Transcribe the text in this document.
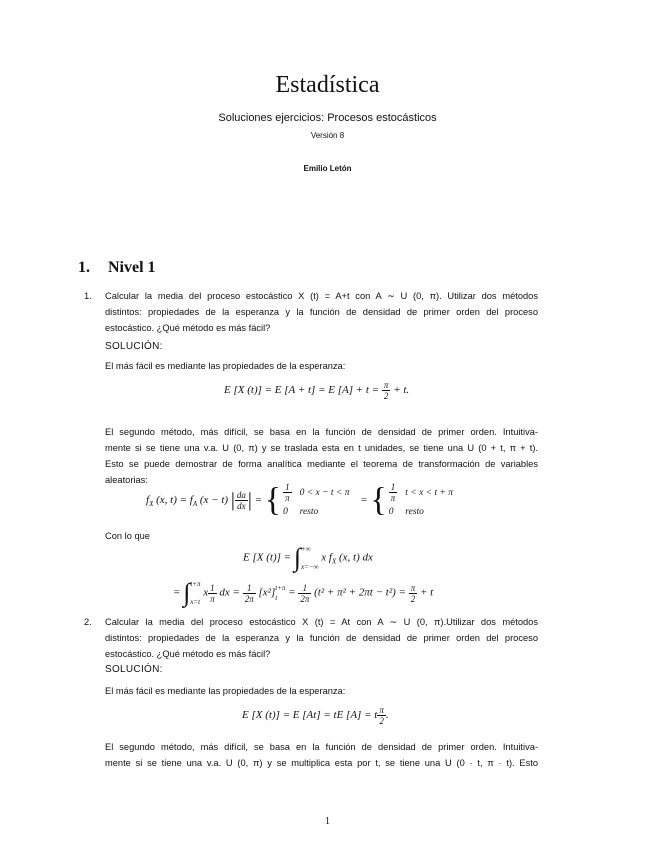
Estadística
Soluciones ejercicios: Procesos estocásticos
Versión 8
Emilio Letón
1. Nivel 1
1. Calcular la media del proceso estocástico X (t) = A+t con A ∼ U (0, π). Utilizar dos métodos
distintos: propiedades de la esperanza y la función de densidad de primer orden del proceso
estocástico. ¿Qué método es más fácil?
SOLUCIÓN:
El más fácil es mediante las propiedades de la esperanza:
E [X (t)] = E [A + t] = E $[A] + t = \frac{\pi}{2} + t$.
El segundo método, más difícil, se basa en la función de densidad de primer orden. Intuitiva-
mente si se tiene una v.a. U (0, π) y se traslada esta en t unidades, se tiene una U (0 + t, π + t).
Esto se puede demostrar de forma analítica mediante el teorema de transformación de variables
aleatorias:
$f_X$ (x, $t) = f_A$ (x − t) | $\frac{da}{dx}$ | = { $\frac{1}{\pi}$	0 < x − t < π
0	resto = { $\frac{1}{\pi}$	t < x < t + π
0	resto
Con lo que
E [X (t)] = ∫ +∞
x=−∞
x $f_X$ (x, t) dx
= ∫ t+π
x=t
x $\frac{1}{\pi}$ dx = $\frac{1}{2\pi} [x^2]$ t+π
$t = \frac{1}{2\pi} (t^2 + \pi^2 + 2\pi t - t^2) = \frac{\pi}{2} + t$
2. Calcular la media del proceso estocástico X (t) = At con A ∼ U (0, π).Utilizar dos métodos
distintos: propiedades de la esperanza y la función de densidad de primer orden del proceso
estocástico. ¿Qué método es más fácil?
SOLUCIÓN:
El más fácil es mediante las propiedades de la esperanza:
E [X (t)] = E [At] = tE [A] = t $\frac{\pi}{2}$ .
El segundo método, más difícil, se basa en la función de densidad de primer orden. Intuitiva-
mente si se tiene una v.a. U (0, π) y se multiplica esta por t, se tiene una U (0 · t, π · t). Esto
1
